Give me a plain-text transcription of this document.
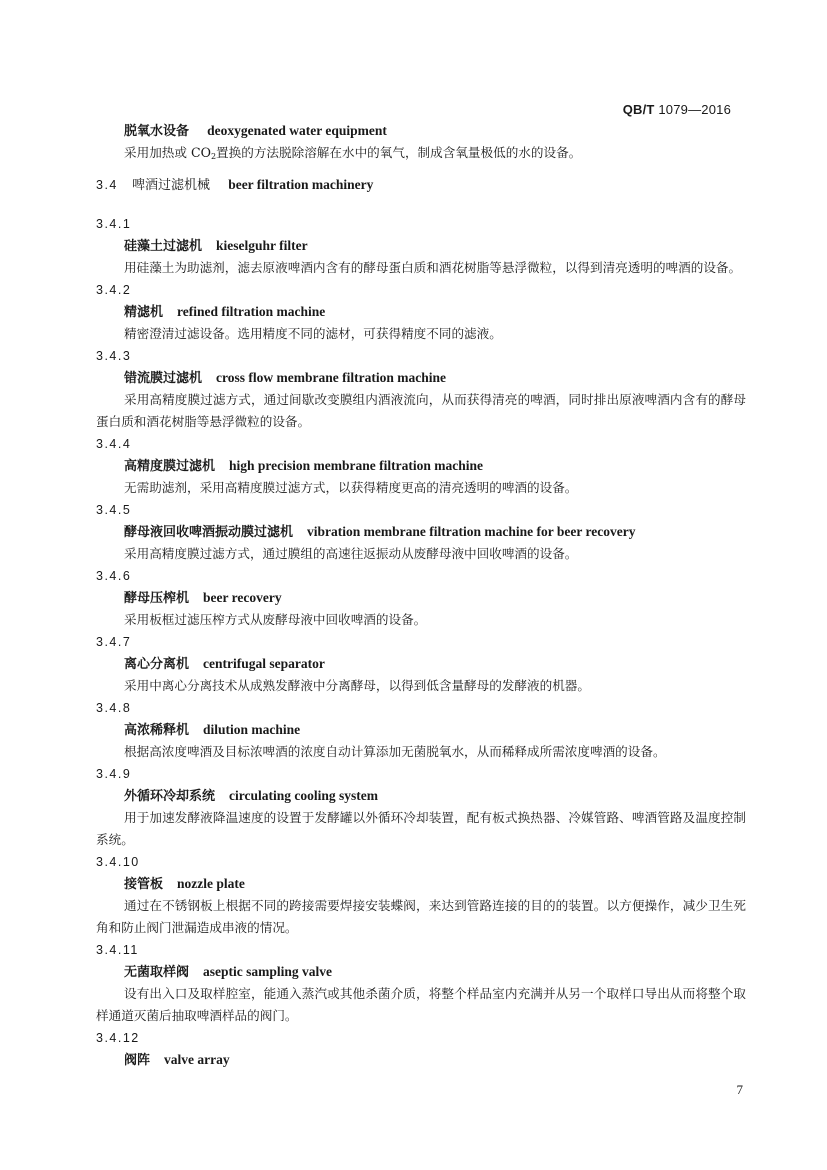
QB/T 1079—2016
脱氧水设备 deoxygenated water equipment

采用加热或 $CO_2$置换的方法脱除溶解在水中的氧气，制成含氧量极低的水的设备。

3.4 啤酒过滤机械 beer filtration machinery
3.4.1
硅藻土过滤机 kieselguhr filter

用硅藻土为助滤剂，滤去原液啤酒内含有的酵母蛋白质和酒花树脂等悬浮微粒，以得到清亮透明的啤酒的设备。

3.4.2
精滤机 refined filtration machine

精密澄清过滤设备。选用精度不同的滤材，可获得精度不同的滤液。

3.4.3
错流膜过滤机 cross flow membrane filtration machine

采用高精度膜过滤方式，通过间歇改变膜组内酒液流向，从而获得清亮的啤酒，同时排出原液啤酒内含有的酵母蛋白质和酒花树脂等悬浮微粒的设备。

3.4.4
高精度膜过滤机 high precision membrane filtration machine

无需助滤剂，采用高精度膜过滤方式，以获得精度更高的清亮透明的啤酒的设备。

3.4.5
酵母液回收啤酒振动膜过滤机 vibration membrane filtration machine for beer recovery

采用高精度膜过滤方式，通过膜组的高速往返振动从废酵母液中回收啤酒的设备。

3.4.6
酵母压榨机 beer recovery

采用板框过滤压榨方式从废酵母液中回收啤酒的设备。

3.4.7
离心分离机 centrifugal separator

采用中离心分离技术从成熟发酵液中分离酵母，以得到低含量酵母的发酵液的机器。

3.4.8
高浓稀释机 dilution machine

根据高浓度啤酒及目标浓啤酒的浓度自动计算添加无菌脱氧水，从而稀释成所需浓度啤酒的设备。

3.4.9
外循环冷却系统 circulating cooling system

用于加速发酵液降温速度的设置于发酵罐以外循环冷却装置，配有板式换热器、冷媒管路、啤酒管路及温度控制系统。

3.4.10
接管板 nozzle plate

通过在不锈钢板上根据不同的跨接需要焊接安装蝶阀，来达到管路连接的目的的装置。以方便操作，减少卫生死角和防止阀门泄漏造成串液的情况。

3.4.11
无菌取样阀 aseptic sampling valve

设有出入口及取样腔室，能通入蒸汽或其他杀菌介质，将整个样品室内充满并从另一个取样口导出从而将整个取样通道灭菌后抽取啤酒样品的阀门。

3.4.12
阀阵 valve array
7
